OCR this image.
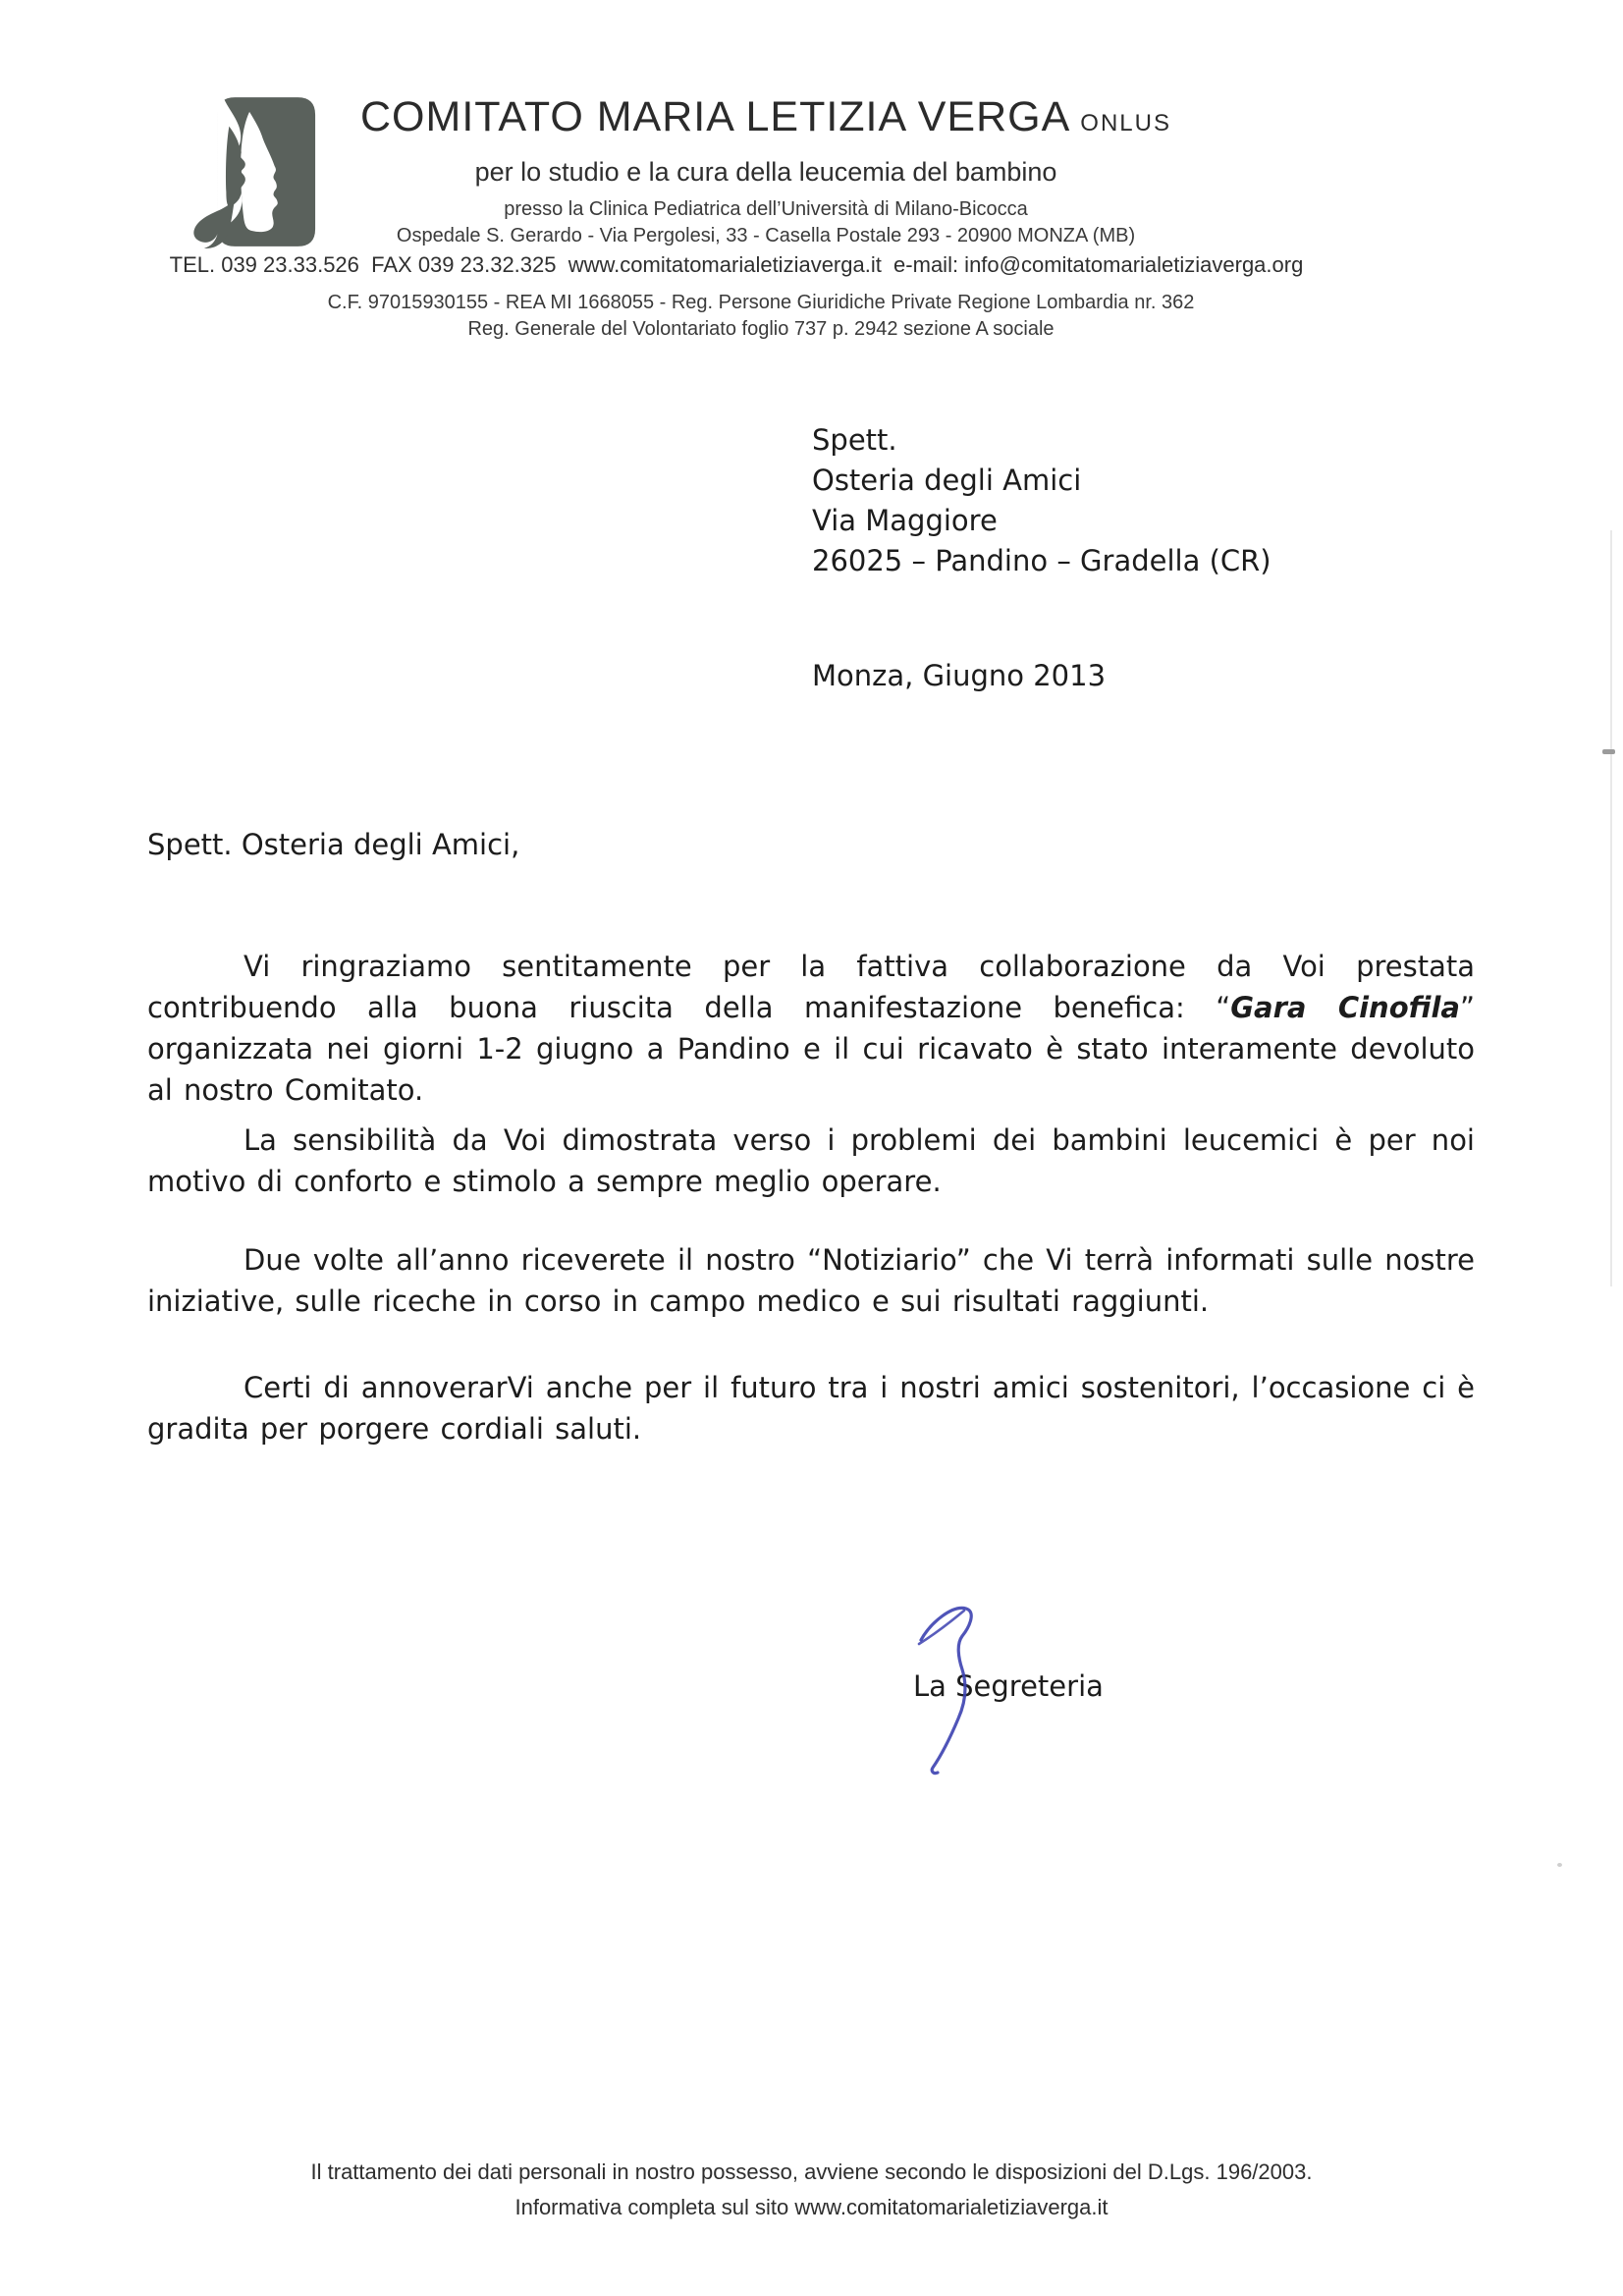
COMITATO MARIA LETIZIA VERGA ONLUS
per lo studio e la cura della leucemia del bambino
presso la Clinica Pediatrica dell’Università di Milano-Bicocca
Ospedale S. Gerardo - Via Pergolesi, 33 - Casella Postale 293 - 20900 MONZA (MB)
TEL. 039 23.33.526  FAX 039 23.32.325  www.comitatomarialetiziaverga.it  e-mail: info@comitatomarialetiziaverga.org
C.F. 97015930155 - REA MI 1668055 - Reg. Persone Giuridiche Private Regione Lombardia nr. 362
Reg. Generale del Volontariato foglio 737 p. 2942 sezione A sociale
Spett.
Osteria degli Amici
Via Maggiore
26025 – Pandino – Gradella (CR)
Monza, Giugno 2013
Spett. Osteria degli Amici,

Vi ringraziamo sentitamente per la fattiva collaborazione da Voi prestata contribuendo alla buona riuscita della manifestazione benefica: “Gara Cinofila” organizzata nei giorni 1-2 giugno a Pandino e il cui ricavato è stato interamente devoluto al nostro Comitato.

La sensibilità da Voi dimostrata verso i problemi dei bambini leucemici è per noi motivo di conforto e stimolo a sempre meglio operare.

Due volte all’anno riceverete il nostro “Notiziario” che Vi terrà informati sulle nostre iniziative, sulle riceche in corso in campo medico e sui risultati raggiunti.

Certi di annoverarVi anche per il futuro tra i nostri amici sostenitori, l’occasione ci è gradita per porgere cordiali saluti.

La Segreteria
Il trattamento dei dati personali in nostro possesso, avviene secondo le disposizioni del D.Lgs. 196/2003.
Informativa completa sul sito www.comitatomarialetiziaverga.it
